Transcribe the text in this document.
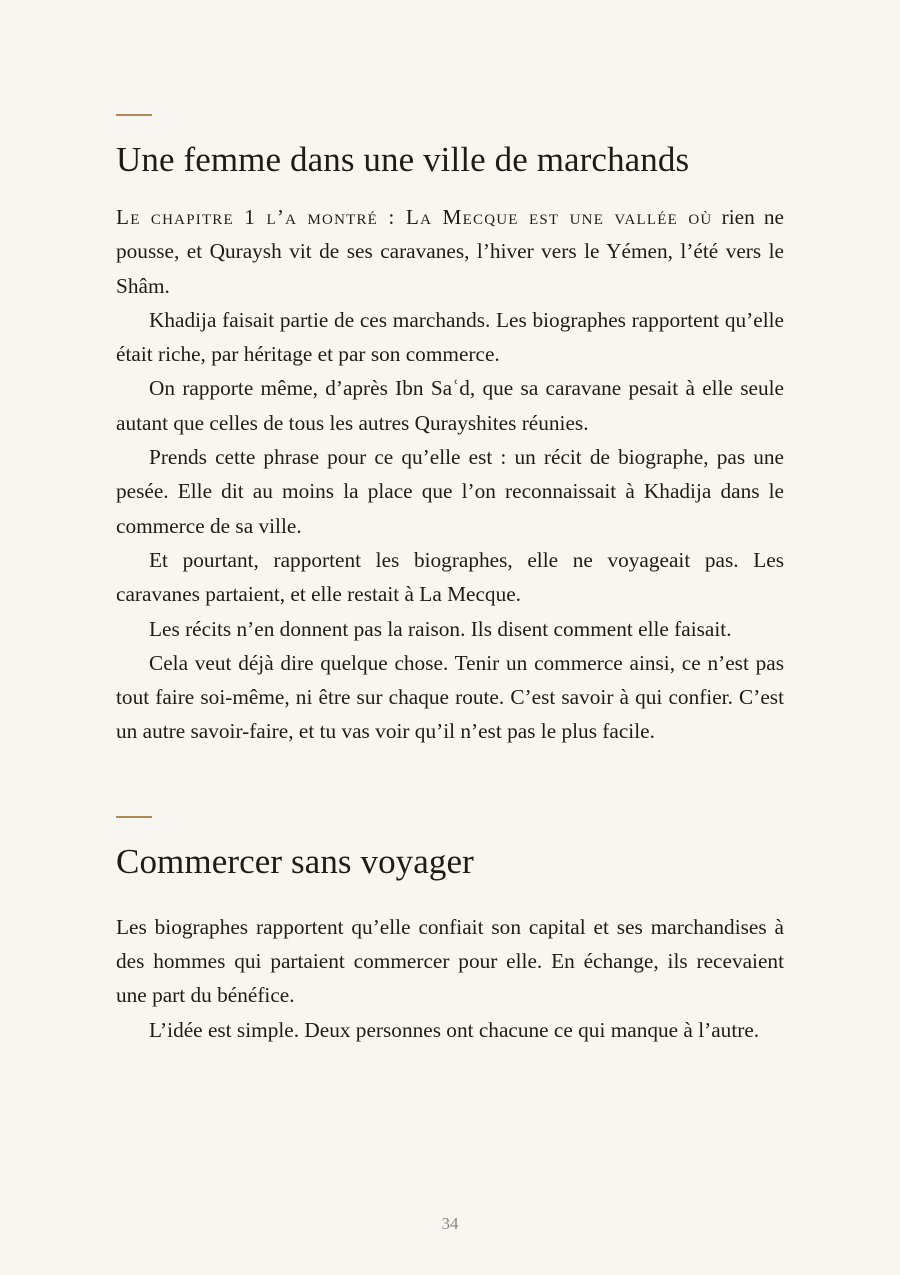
Une femme dans une ville de marchands

Le chapitre 1 l’a montré : La Mecque est une vallée où rien ne pousse, et Quraysh vit de ses caravanes, l’hiver vers le Yémen, l’été vers le Shâm.

Khadija faisait partie de ces marchands. Les biographes rapportent qu’elle était riche, par héritage et par son commerce.

On rapporte même, d’après Ibn Saʿd, que sa caravane pesait à elle seule autant que celles de tous les autres Qurayshites réunies.

Prends cette phrase pour ce qu’elle est : un récit de biographe, pas une pesée. Elle dit au moins la place que l’on reconnaissait à Khadija dans le commerce de sa ville.

Et pourtant, rapportent les biographes, elle ne voyageait pas. Les caravanes partaient, et elle restait à La Mecque.

Les récits n’en donnent pas la raison. Ils disent comment elle faisait.

Cela veut déjà dire quelque chose. Tenir un commerce ainsi, ce n’est pas tout faire soi-même, ni être sur chaque route. C’est savoir à qui confier. C’est un autre savoir-faire, et tu vas voir qu’il n’est pas le plus facile.

Commercer sans voyager

Les biographes rapportent qu’elle confiait son capital et ses marchandises à des hommes qui partaient commercer pour elle. En échange, ils recevaient une part du bénéfice.

L’idée est simple. Deux personnes ont chacune ce qui manque à l’autre.

34
